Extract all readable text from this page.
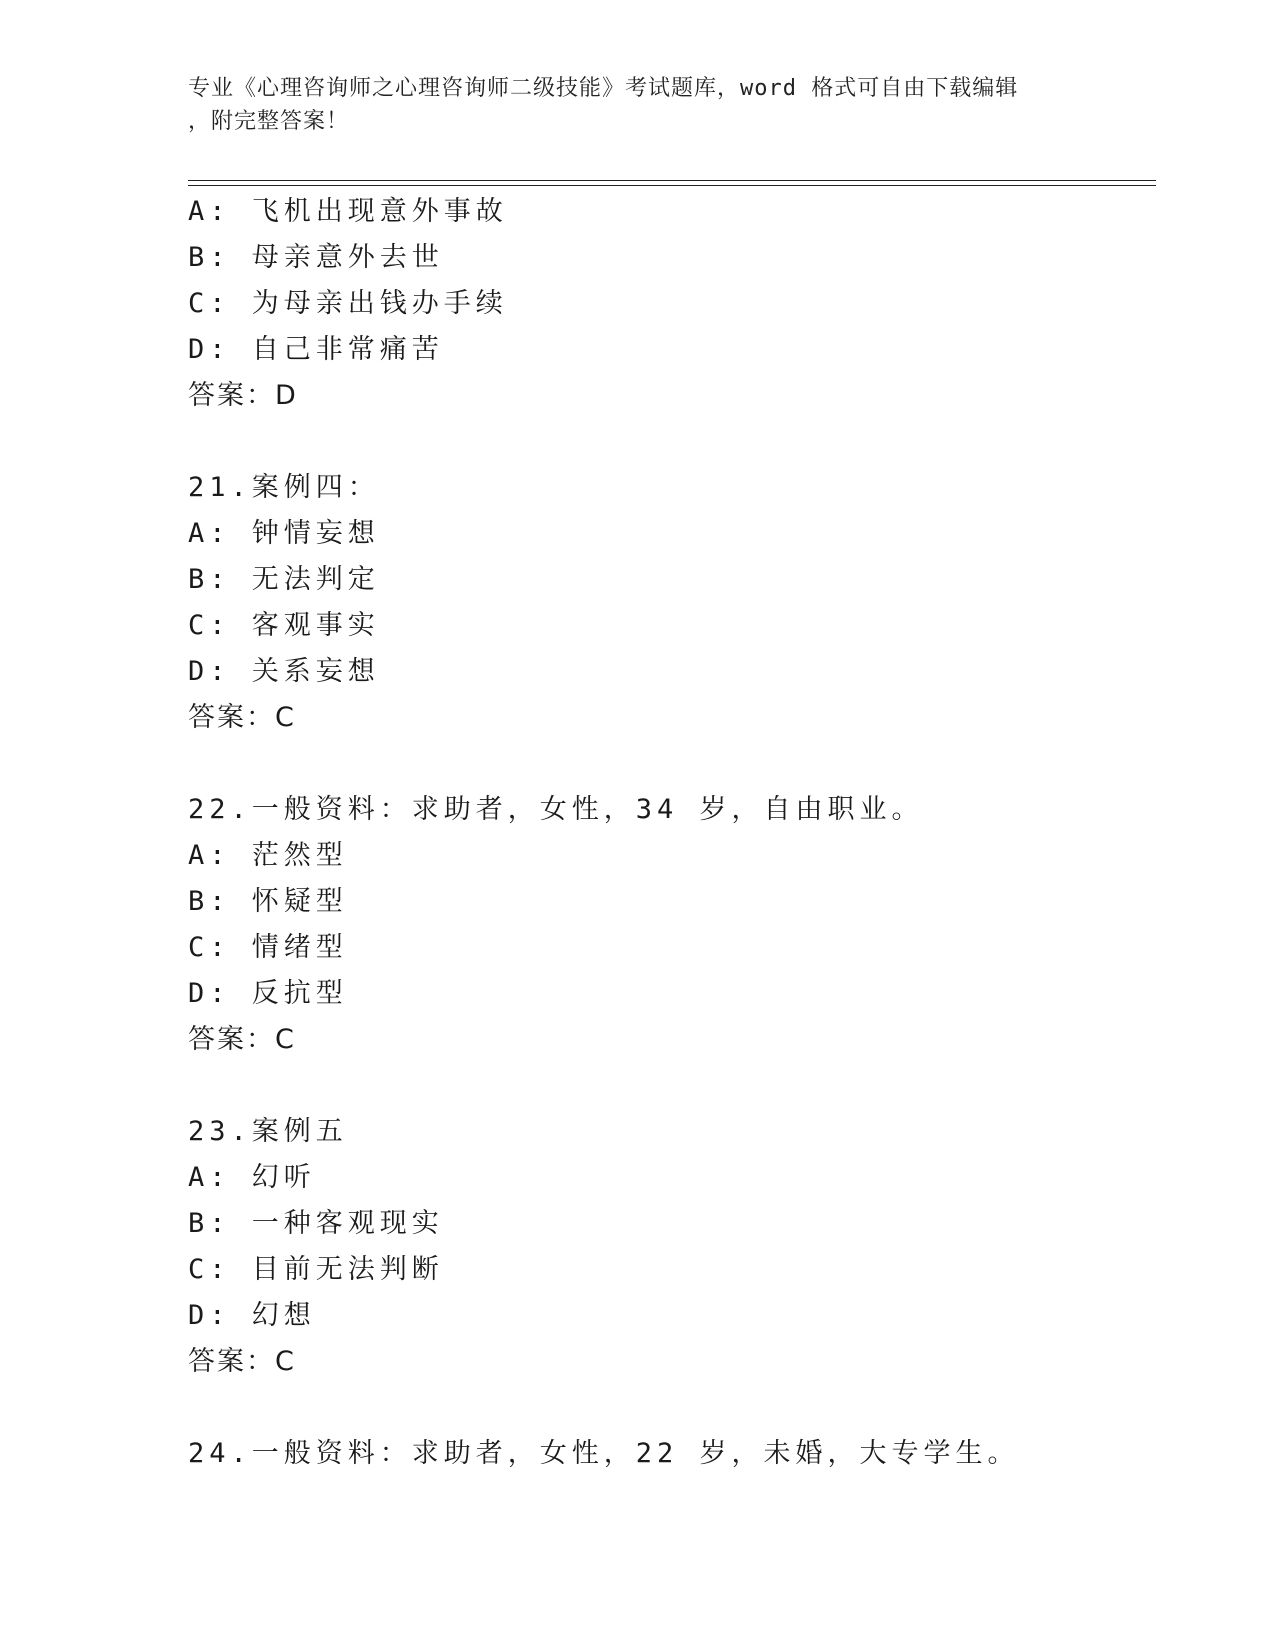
专业《心理咨询师之心理咨询师二级技能》考试题库，word 格式可自由下载编辑
，附完整答案！
A: 飞机出现意外事故
B: 母亲意外去世
C: 为母亲出钱办手续
D: 自己非常痛苦
答案：D
21.案例四：
A: 钟情妄想
B: 无法判定
C: 客观事实
D: 关系妄想
答案：C
22.一般资料：求助者，女性，34 岁，自由职业。
A: 茫然型
B: 怀疑型
C: 情绪型
D: 反抗型
答案：C
23.案例五
A: 幻听
B: 一种客观现实
C: 目前无法判断
D: 幻想
答案：C
24.一般资料：求助者，女性，22 岁，未婚，大专学生。
